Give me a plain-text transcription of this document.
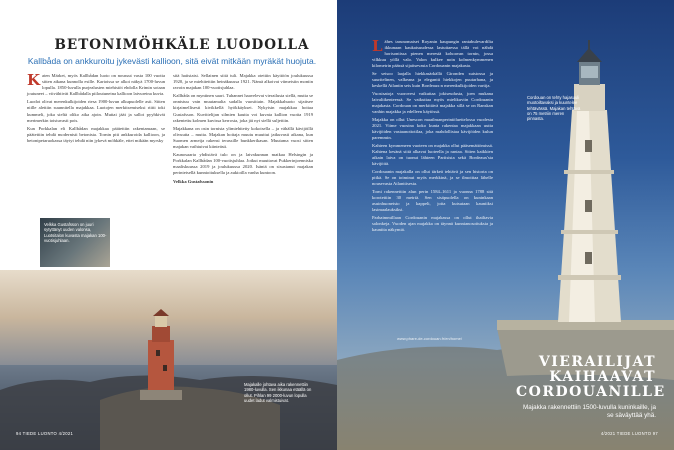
BETONIMÖHKÄLE LUODOLLA

Kallbåda on ankkuroitu jykevästi kallioon, sitä eivät mitkään myräkät huojuta.

Katen Märket, myös Kallbådan luoto on noussut vasta 100 vuotta sitten aikana kunnolla esille. Kartoissa se alkoi näkyä 1700-luvun lopulla. 1850-luvulla purjealusten miehistöt ehdolla Krimin sotaan joutuneet – viivähtivät Kallbådalla piiloutuneina kallioon laivureina kuvia.

Luodot olivat merenkulkijoiden riesa 1900-luvun alkupuolelle asti. Sitten niille alettiin suunnitella majakkaa. Luotojen merkitsemiseksi riitti toki kummeli, joka sieltä oliko aika ajoin. Muttai jäät ja sallot pyyhkivät merimerkin toistuvasti pois.

Kun Porkkalan eli Kallbådan majakkaa päätettiin rakentamaan, se päätettiin tehdä modernisti betonista. Tornin piti ankkuroida kallioon, ja betonipetaruokassa täytyi tehdä niin jykevä möhkäle, ettei mikään myrsky

sitä haiistaisi. Sellainen siitä tuli. Majakka otettiin käyttöön joulukuussa 1920, ja se miehitettiin heinäkuussa 1921. Nämä alkoivat viimeisiin moniin ravoin majakan 100-vuotisjuhlaa.

Kallbåda on myntinen saari. Tuhannet haavelevat vierailusta siellä, mutta se onnistuu vain muutamalta sadalla vuosittain. Majakkahuoto sijaitsee kirjaimellisesti kivikkellä hyökkäykset. Nykyisin majakkaa hoitaa Gustafsson. Kuvittelijan silmien kautta voi kuvata kallion vuotta 1919 rakentettu kolmen kuvissa kerrosta, joka jäi nyt siellä suljettiin.

Majakkana on osin tornista ylimiehitetty kokoisella – ja vähällä kävijöillä olivuutta – mutta. Majakan hoitaja muutu muuttui jatkuvasti aikana, kun Suomen armeija rakensi terassille bunkkerikasan. Muutama vuosi sitten majakan vaihtuivat kiinteästi.

Kaunosaaria yhdistävä tulo on ja laivakunnan matkaa Helsingin ja Porkkalan Kallbådan 100-vuotisjuhlaa. Jotkut muuttavat Pukkerinjoenniska maaliskuussa 2019 ja joulukuussa 2020. Isäntä on sisustanut majakan perinteisellä kunnioituksella ja aukioilla vanha kuntoon.

Velkka Gustafssonin

Velkka Gustafsson on juuri sytyttänyt uuden valonsa, Luotsitalon kuvasta majakan 100-vuotisjuhlaan.
Majakalle johtava aika rakennettiin 1980-luvulla. Sen ikkunaa etäällä on ollut. Pihlan 99 2000-luvun lopulla uudet ladut valmistuivat.
94 TIEDE LUONTO 4/2021

Lähes tarunomaiset Royanin kaupungin rantabulevardilta ikkunaan kaukaisuudessa lastuttaessa tällä voi nähdä horisontissa pienen merestä kohoavan tornin, jossa vilkkuu yöllä valo. Valon kulkee noin kolmenkymmenen kilometrin päässä sijaitsevasta Cordouanin majakasta.

Se seisoo laajalla hiekkasärkällä Gironden suistossa ja suuritelinen, valkeana ja elegantti hiekkojen puutarhana, ja keskellä Atlantin seis kuin Bordeaux:n merenkulkijoiden vartija.

Vuosisatoja vuorovesi vaikuttaa jokiseudusta, joen mukana laivaliikenteessä. Se vaikuttaa myös mielikuviin Cordouanin majakasta. Cordouan on merkittävä majakka sillä se on Ranskan vanhin majakka ja edelleen käytössä.

Majakka on ollut Unescon maailmanperintöluettelossa vuodesta 2021. Viime vuosina koko kunta rakentaa majakkaan uutta kävijöiden vastaanottotilaa, joka mahdollistaa kävijöiden kulun paremmin.

Kahteen kymmeneen vuoteen on majakka ollut pääsemättömissä. Kahtena kesänä siitä alkavat luoteella ja rantaa. Sitten kaikkien aikain laiva on tuonut lähteen Pariisista sekä Bordeaux'sta kävijöitä.

Cordouanin majakalla on ollut tärkeä tehtävä ja sen historia on pitkä. Se on toiminut myös merkkinä, ja se ilmoittaa lähelle nousevasta Atlanttisesta.

Torni rakennettiin alun perin 1584–1611 ja vuonna 1788 sitä korotettiin 30 metriä. Sen sisäpuolella on kuninkaan asuinhuoneisto ja kappeli, joita kutsutaan kauniiksi lasimaalauksiksi.

Parhaimmillaan Cordouanin majakassa on ollut ihailtavia salonkeja. Vuoden ajan majakka on täynnä kunnianosoituksia ja kauniita näkymiä.

Cordouan on tehty hajasuuli muotoiltavaksi ja kuuntelee tehtävässä. Majakan tehtävä on 75 metriin meren pinnasta.
www.phare-de-cordouan.fr/en/home/
VIERAILIJAT KAIHAAVAT CORDOUANILLE

Majakka rakennettiin 1500-luvulla kuninkaille, ja se säväyttää yhä.

4/2021 TIEDE LUONTO 97
